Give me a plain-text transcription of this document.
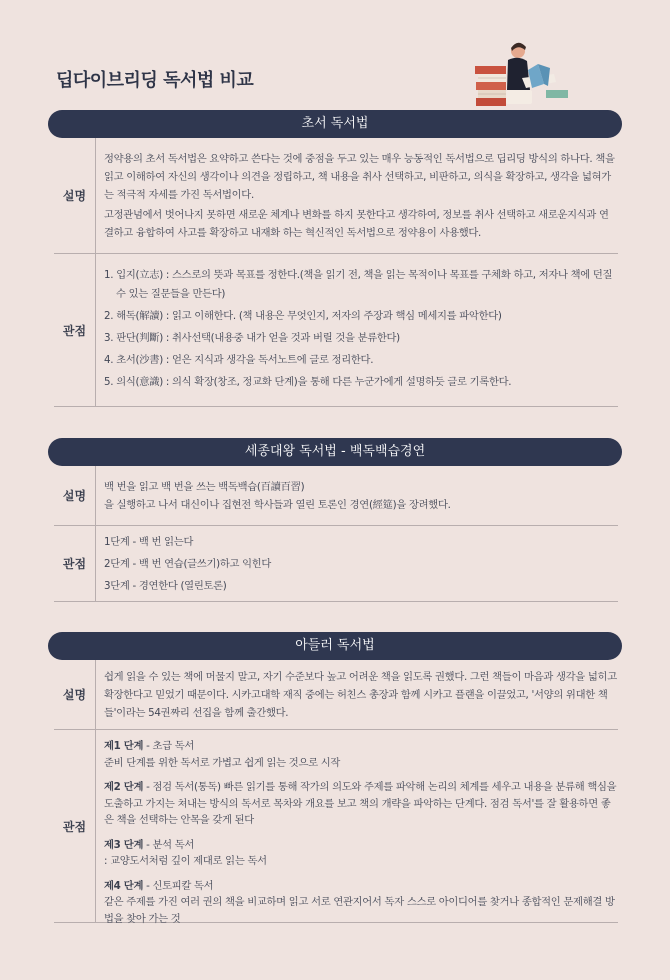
딥다이브리딩 독서법 비교
초서 독서법
설명

정약용의 초서 독서법은 요약하고 쓴다는 것에 중점을 두고 있는 매우 능동적인 독서법으로 딥리딩 방식의 하나다. 책을 읽고 이해하여 자신의 생각이나 의견을 정립하고, 책 내용을 취사 선택하고, 비판하고, 의식을 확장하고, 생각을 넓혀가는 적극적 자세를 가진 독서법이다.

고정관념에서 벗어나지 못하면 새로운 체계나 변화를 하지 못한다고 생각하여, 정보를 취사 선택하고 새로운지식과 연결하고 융합하여 사고를 확장하고 내재화 하는 혁신적인 독서법으로 정약용이 사용했다.

관점

1. 입지(立志) : 스스로의 뜻과 목표를 정한다.(책을 읽기 전, 책을 읽는 목적이나 목표를 구체화 하고, 저자나 책에 던질 수 있는 질문들을 만든다)

2. 해독(解讀) : 읽고 이해한다. (책 내용은 무엇인지, 저자의 주장과 핵심 메세지를 파악한다)

3. 판단(判斷) : 취사선택(내용중 내가 얻을 것과 버릴 것을 분류한다)

4. 초서(沙書) : 얻은 지식과 생각을 독서노트에 글로 정리한다.

5. 의식(意識) : 의식 확장(창조, 정교화 단계)을 통해 다른 누군가에게 설명하듯 글로 기록한다.

세종대왕 독서법 - 백독백습경연
설명

백 번을 읽고 백 번을 쓰는 백독백습(百讀百習)

을 실행하고 나서 대신이나 집현전 학사들과 열린 토론인 경연(經筵)을 장려했다.

관점

1단계 - 백 번 읽는다

2단계 - 백 번 연습(글쓰기)하고 익힌다

3단계 - 경연한다 (열린토론)

아들러 독서법
설명

쉽게 읽을 수 있는 책에 머물지 말고, 자기 수준보다 높고 어려운 책을 읽도록 권했다. 그런 책들이 마음과 생각을 넓히고 확장한다고 믿었기 때문이다. 시카고대학 재직 중에는 허친스 총장과 함께 시카고 플랜을 이끌었고, '서양의 위대한 책들'이라는 54권짜리 선집을 함께 출간했다.

관점
제1 단계 - 초급 독서

준비 단계를 위한 독서로 가볍고 쉽게 읽는 것으로 시작

제2 단계 - 점검 독서(통독) 빠른 읽기를 통해 작가의 의도와 주제를 파악해 논리의 체계를 세우고 내용을 분류해 핵심을 도출하고 가지는 쳐내는 방식의 독서로 목차와 개요를 보고 책의 개략을 파악하는 단계다. 점검 독서'를 잘 활용하면 좋은 책을 선택하는 안목을 갖게 된다
제3 단계 - 분석 독서

: 교양도서처럼 깊이 제대로 읽는 독서

제4 단계 - 신토피칼 독서

같은 주제를 가진 여러 권의 책을 비교하며 읽고 서로 연관지어서 독자 스스로 아이디어를 찾거나 종합적인 문제해결 방법을 찾아 가는 것
